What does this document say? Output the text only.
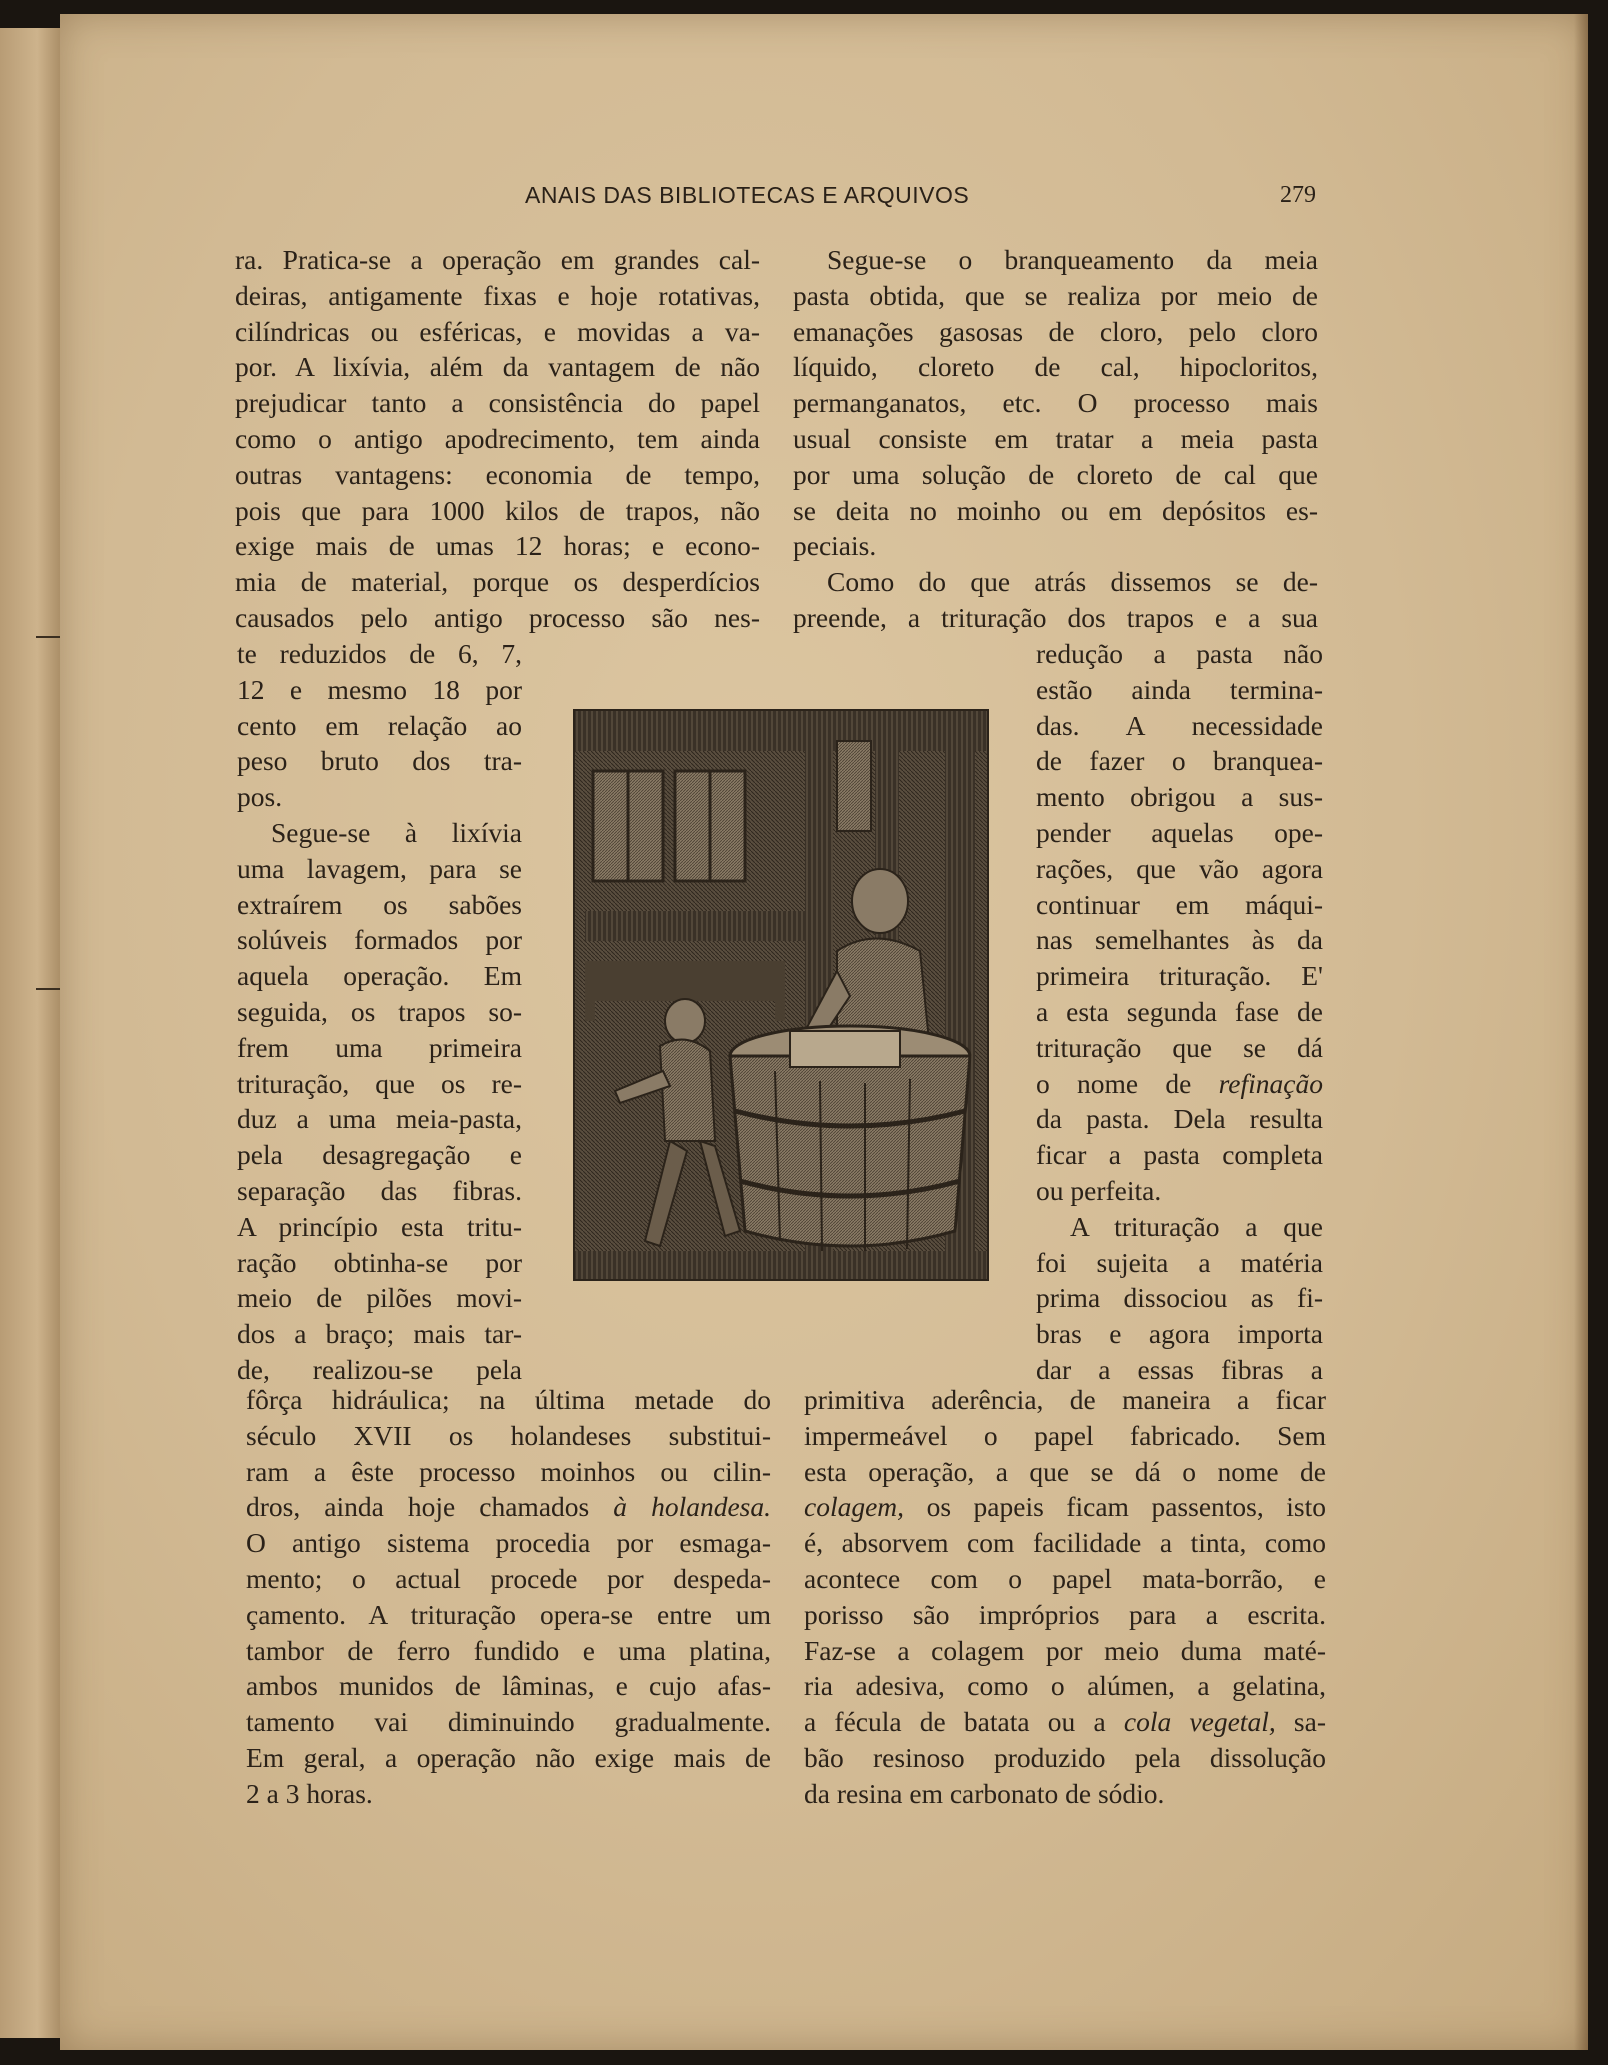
ANAIS DAS BIBLIOTECAS E ARQUIVOS	279
ra. Pratica-se a operação em grandes cal-
deiras, antigamente fixas e hoje rotativas,
cilíndricas ou esféricas, e movidas a va-
por. A lixívia, além da vantagem de não
prejudicar tanto a consistência do papel
como o antigo apodrecimento, tem ainda
outras vantagens: economia de tempo,
pois que para 1000 kilos de trapos, não
exige mais de umas 12 horas; e econo-
mia de material, porque os desperdícios
causados pelo antigo processo são nes-
te reduzidos de 6, 7,
12 e mesmo 18 por
cento em relação ao
peso bruto dos tra-
pos.
Segue-se à lixívia
uma lavagem, para se
extraírem os sabões
solúveis formados por
aquela operação. Em
seguida, os trapos so-
frem uma primeira
trituração, que os re-
duz a uma meia-pasta,
pela desagregação e
separação das fibras.
A princípio esta tritu-
ração obtinha-se por
meio de pilões movi-
dos a braço; mais tar-
de, realizou-se pela
fôrça hidráulica; na última metade do
século XVII os holandeses substitui-
ram a êste processo moinhos ou cilin-
dros, ainda hoje chamados à holandesa.
O antigo sistema procedia por esmaga-
mento; o actual procede por despeda-
çamento. A trituração opera-se entre um
tambor de ferro fundido e uma platina,
ambos munidos de lâminas, e cujo afas-
tamento vai diminuindo gradualmente.
Em geral, a operação não exige mais de
2 a 3 horas.
Segue-se o branqueamento da meia
pasta obtida, que se realiza por meio de
emanações gasosas de cloro, pelo cloro
líquido, cloreto de cal, hipocloritos,
permanganatos, etc. O processo mais
usual consiste em tratar a meia pasta
por uma solução de cloreto de cal que
se deita no moinho ou em depósitos es-
peciais.
Como do que atrás dissemos se de-
preende, a trituração dos trapos e a sua
redução a pasta não
estão ainda termina-
das. A necessidade
de fazer o branquea-
mento obrigou a sus-
pender aquelas ope-
rações, que vão agora
continuar em máqui-
nas semelhantes às da
primeira trituração. E'
a esta segunda fase de
trituração que se dá
o nome de refinação
da pasta. Dela resulta
ficar a pasta completa
ou perfeita.
A trituração a que
foi sujeita a matéria
prima dissociou as fi-
bras e agora importa
dar a essas fibras a
primitiva aderência, de maneira a ficar
impermeável o papel fabricado. Sem
esta operação, a que se dá o nome de
colagem, os papeis ficam passentos, isto
é, absorvem com facilidade a tinta, como
acontece com o papel mata-borrão, e
porisso são impróprios para a escrita.
Faz-se a colagem por meio duma maté-
ria adesiva, como o alúmen, a gelatina,
a fécula de batata ou a cola vegetal, sa-
bão resinoso produzido pela dissolução
da resina em carbonato de sódio.
